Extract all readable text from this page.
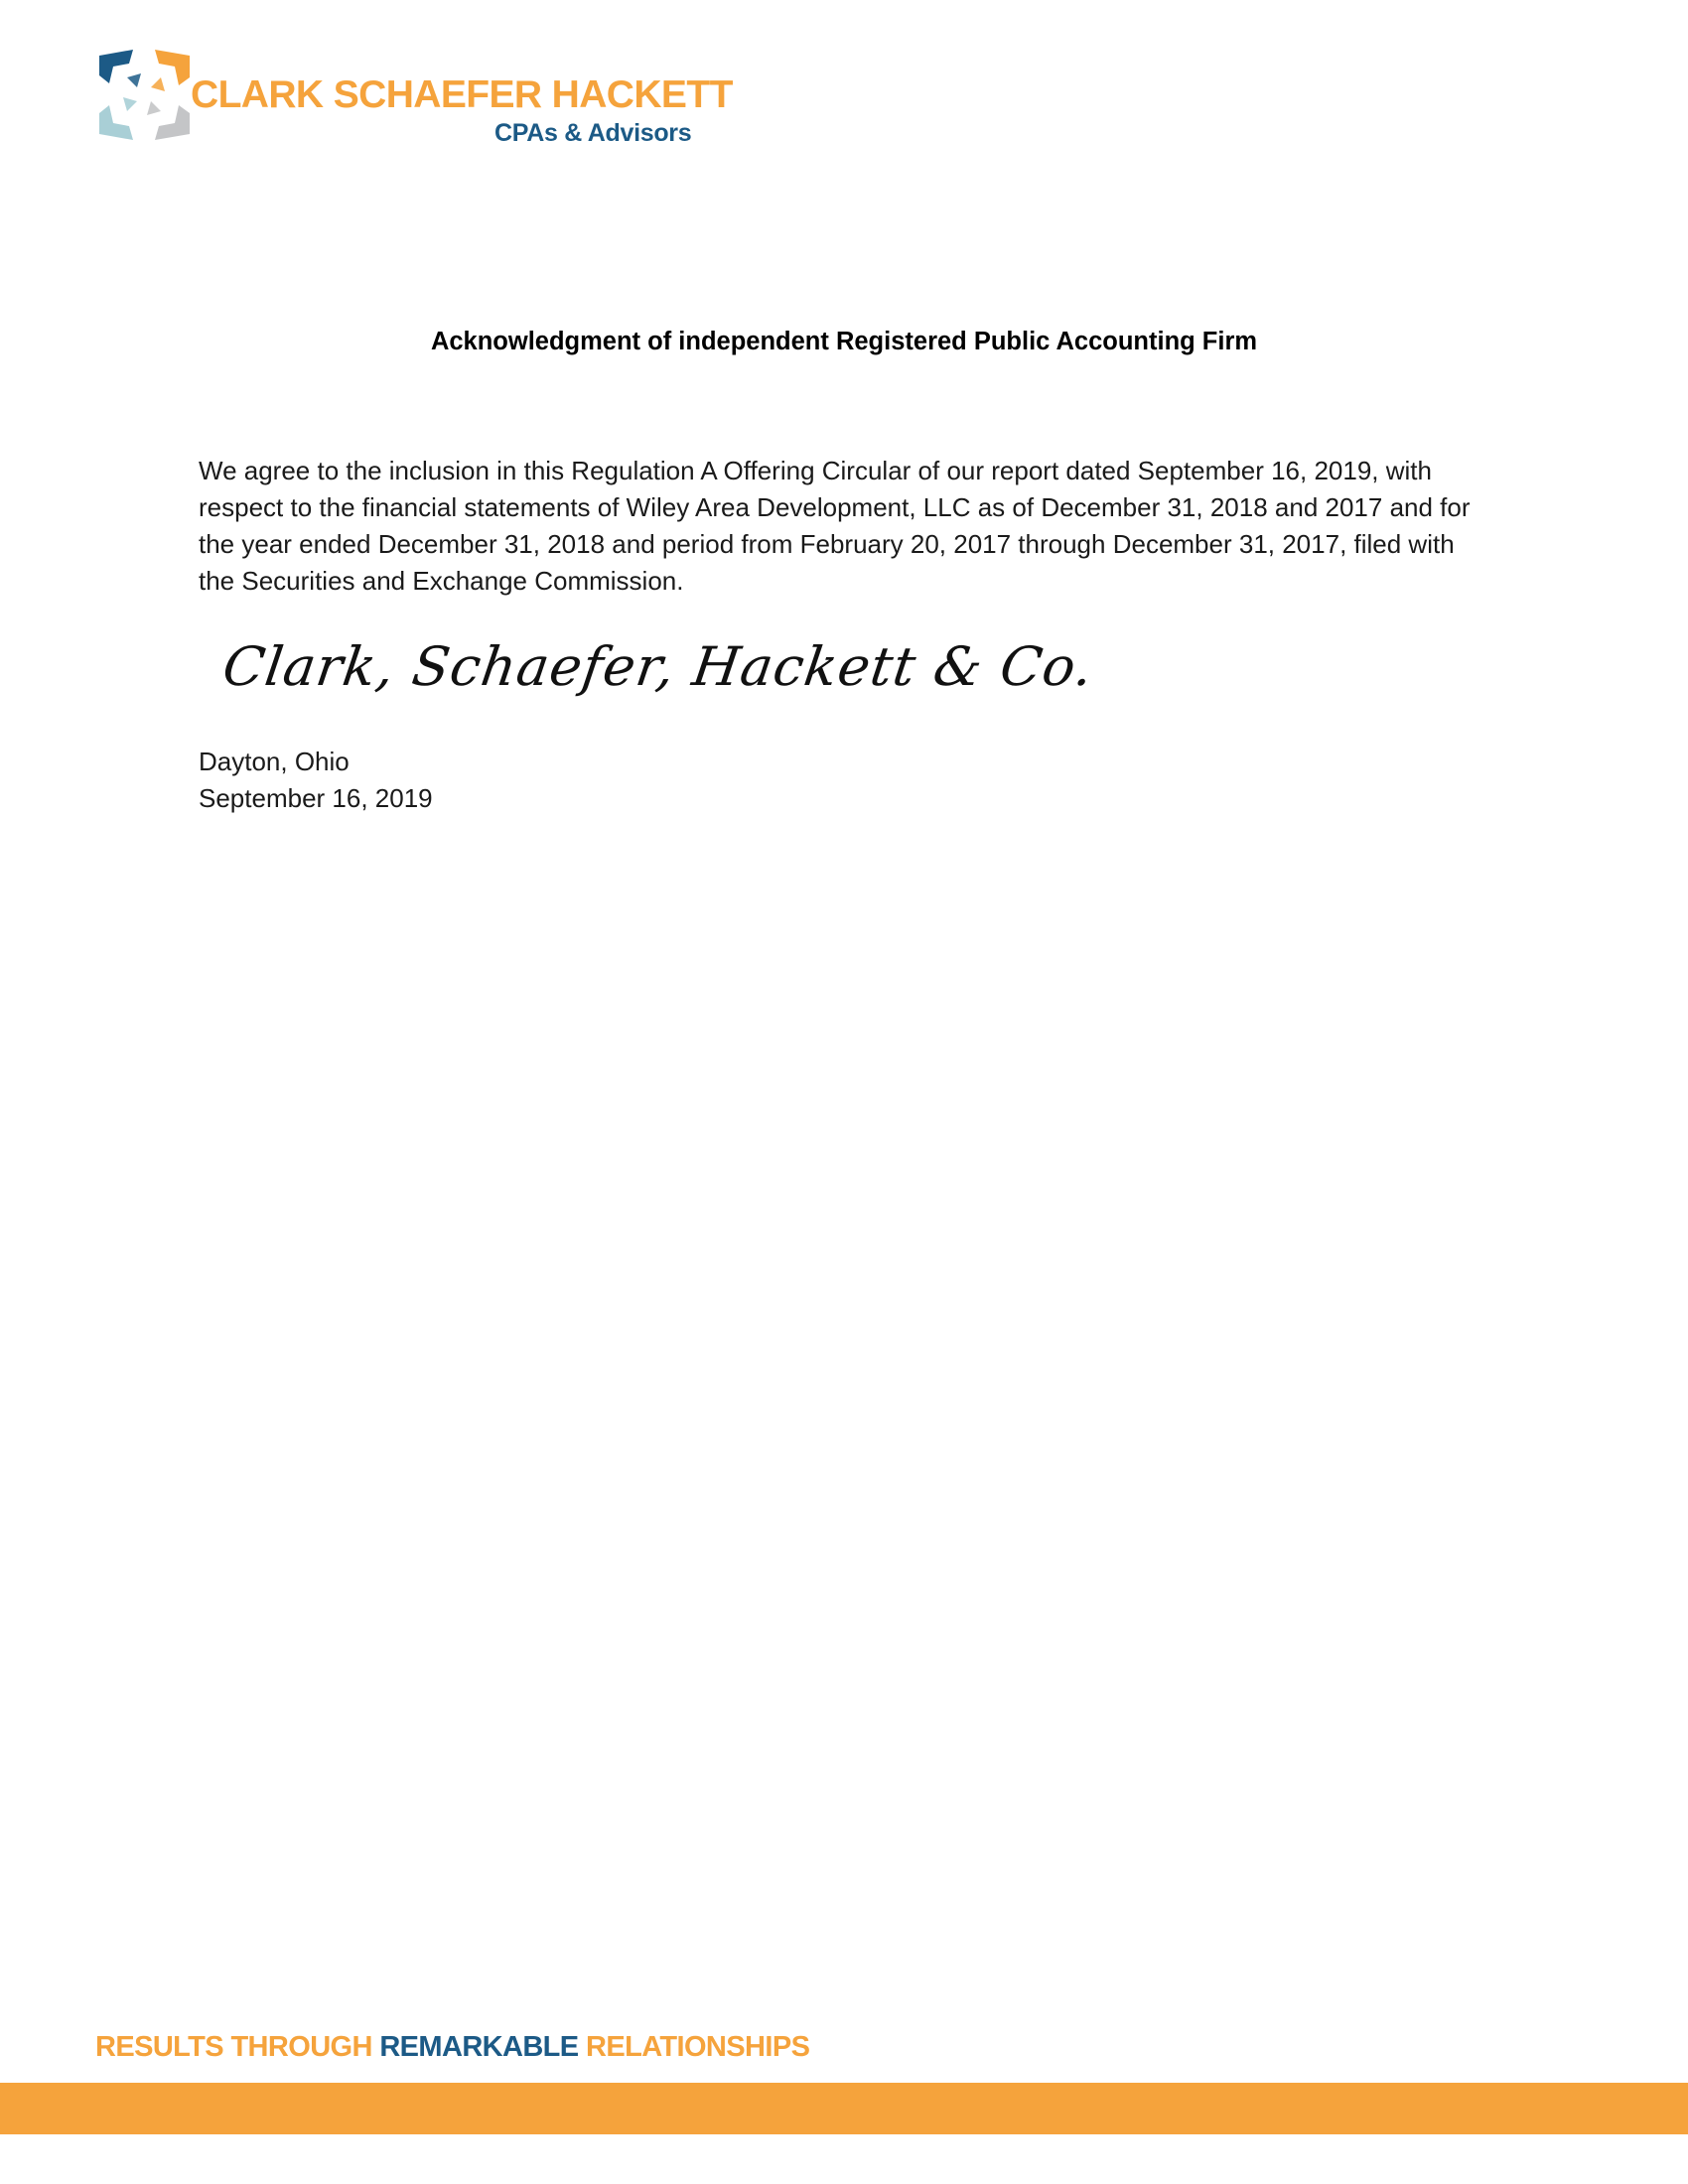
CLARK SCHAEFER HACKETT
CPAs & Advisors
Acknowledgment of independent Registered Public Accounting Firm
We agree to the inclusion in this Regulation A Offering Circular of our report dated September 16, 2019, with respect to the financial statements of Wiley Area Development, LLC as of December 31, 2018 and 2017 and for the year ended December 31, 2018 and period from February 20, 2017 through December 31, 2017, filed with the Securities and Exchange Commission.
Clark, Schaefer, Hackett & Co.
Dayton, Ohio
September 16, 2019
RESULTS THROUGH REMARKABLE RELATIONSHIPS
